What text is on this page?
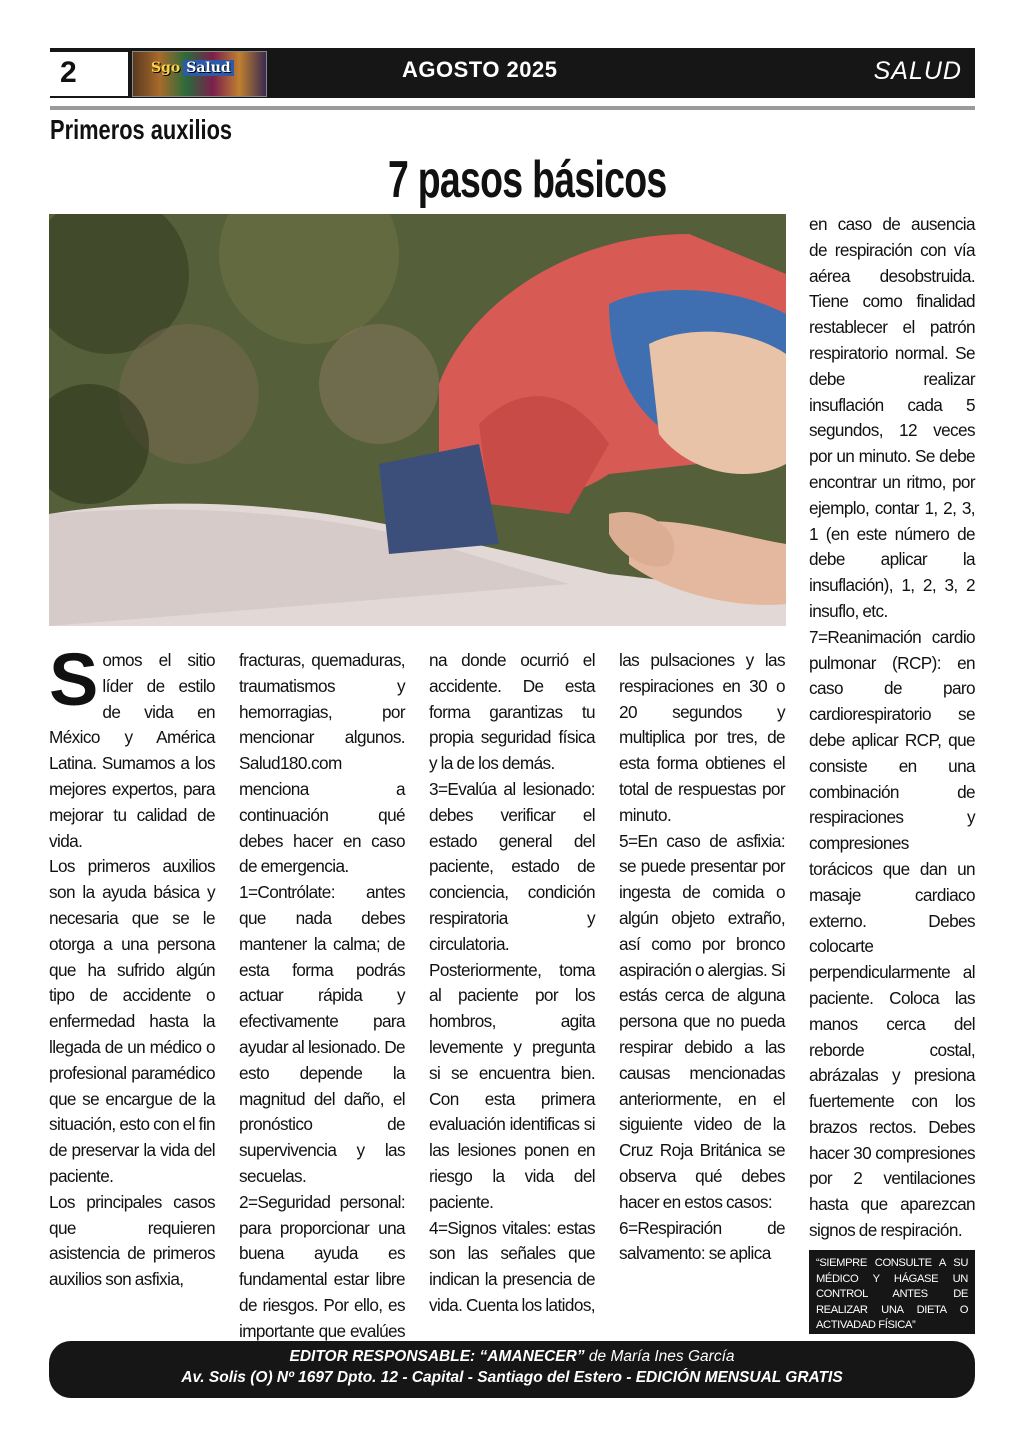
2	Sgo Salud	AGOSTO 2025	SALUD
Primeros auxilios
7 pasos básicos
S omos el sitio líder de estilo de vida en México y América Latina. Sumamos a los mejores expertos, para mejorar tu calidad de vida.

Los primeros auxilios son la ayuda básica y necesaria que se le otorga a una persona que ha sufrido algún tipo de accidente o enfermedad hasta la llegada de un médico o profesional paramédico que se encargue de la situación, esto con el fin de preservar la vida del paciente.

Los principales casos que requieren asistencia de primeros auxilios son asfixia,

fracturas, quemaduras, traumatismos y hemorragias, por mencionar algunos. Salud180.com menciona a continuación qué debes hacer en caso de emergencia.

1=Contrólate: antes que nada debes mantener la calma; de esta forma podrás actuar rápida y efectivamente para ayudar al lesionado. De esto depende la magnitud del daño, el pronóstico de supervivencia y las secuelas.

2=Seguridad personal: para proporcionar una buena ayuda es fundamental estar libre de riesgos. Por ello, es importante que evalúes

na donde ocurrió el accidente. De esta forma garantizas tu propia seguridad física y la de los demás.

3=Evalúa al lesionado: debes verificar el estado general del paciente, estado de conciencia, condición respiratoria y circulatoria. Posteriormente, toma al paciente por los hombros, agita levemente y pregunta si se encuentra bien. Con esta primera evaluación identificas si las lesiones ponen en riesgo la vida del paciente.

4=Signos vitales: estas son las señales que indican la presencia de vida. Cuenta los latidos,

las pulsaciones y las respiraciones en 30 o 20 segundos y multiplica por tres, de esta forma obtienes el total de respuestas por minuto.

5=En caso de asfixia: se puede presentar por ingesta de comida o algún objeto extraño, así como por bronco aspiración o alergias. Si estás cerca de alguna persona que no pueda respirar debido a las causas mencionadas anteriormente, en el siguiente video de la Cruz Roja Británica se observa qué debes hacer en estos casos:

6=Respiración de salvamento: se aplica

en caso de ausencia de respiración con vía aérea desobstruida. Tiene como finalidad restablecer el patrón respiratorio normal. Se debe realizar insuflación cada 5 segundos, 12 veces por un minuto. Se debe encontrar un ritmo, por ejemplo, contar 1, 2, 3, 1 (en este número de debe aplicar la insuflación), 1, 2, 3, 2 insuflo, etc.

7=Reanimación cardio pulmonar (RCP): en caso de paro cardiorespiratorio se debe aplicar RCP, que consiste en una combinación de respiraciones y compresiones torácicos que dan un masaje cardiaco externo. Debes colocarte perpendicularmente al paciente. Coloca las manos cerca del reborde costal, abrázalas y presiona fuertemente con los brazos rectos. Debes hacer 30 compresiones por 2 ventilaciones hasta que aparezcan signos de respiración.

“SIEMPRE CONSULTE A SU MÉDICO Y HÁGASE UN CONTROL ANTES DE REALIZAR UNA DIETA O ACTIVADAD FÍSICA”
EDITOR RESPONSABLE: “AMANECER” de María Ines García
Av. Solis (O) Nº 1697 Dpto. 12 - Capital - Santiago del Estero - EDICIÓN MENSUAL GRATIS
